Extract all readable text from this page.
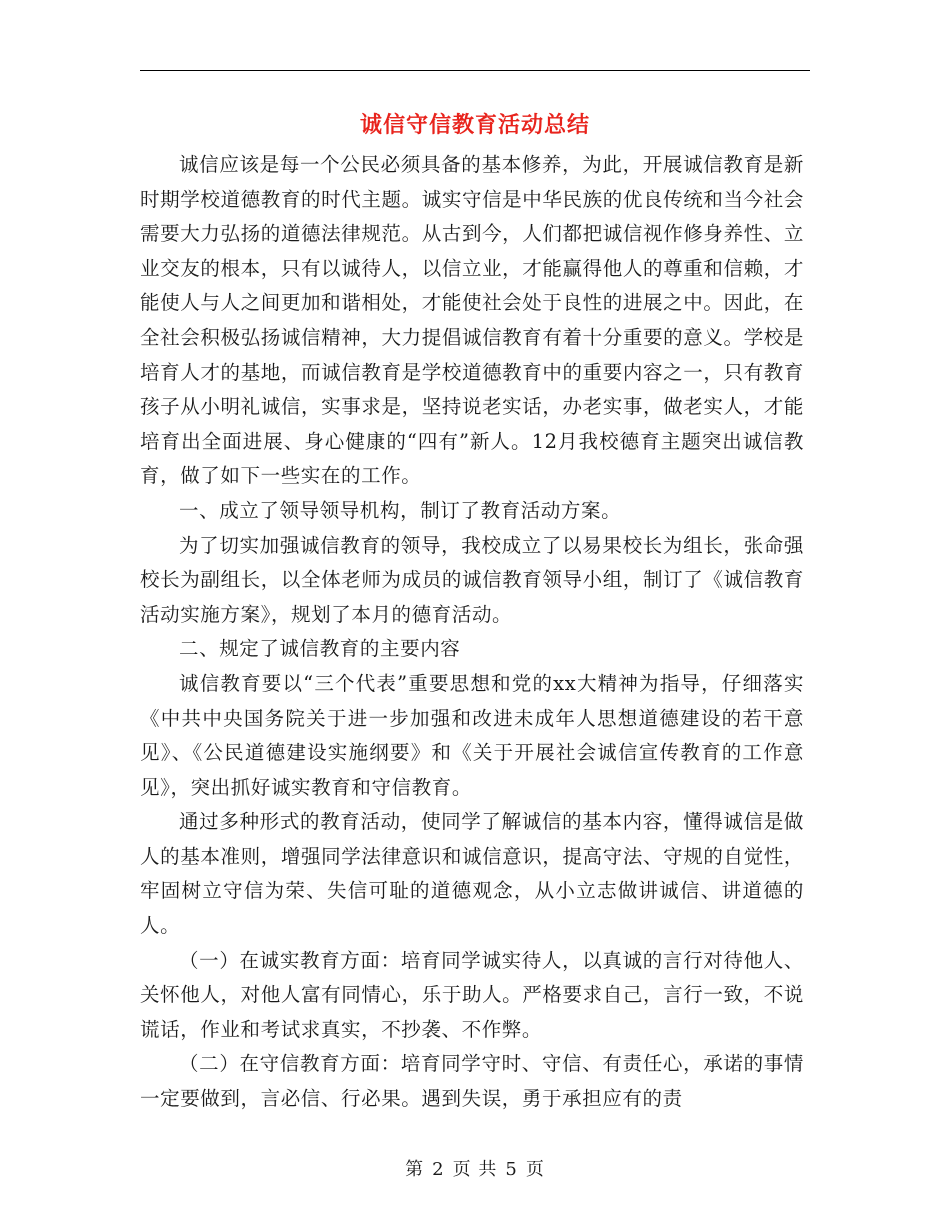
诚信守信教育活动总结

诚信应该是每一个公民必须具备的基本修养，为此，开展诚信教育是新时期学校道德教育的时代主题。诚实守信是中华民族的优良传统和当今社会需要大力弘扬的道德法律规范。从古到今，人们都把诚信视作修身养性、立业交友的根本，只有以诚待人，以信立业，才能赢得他人的尊重和信赖，才能使人与人之间更加和谐相处，才能使社会处于良性的进展之中。因此，在全社会积极弘扬诚信精神，大力提倡诚信教育有着十分重要的意义。学校是培育人才的基地，而诚信教育是学校道德教育中的重要内容之一，只有教育孩子从小明礼诚信，实事求是，坚持说老实话，办老实事，做老实人，才能培育出全面进展、身心健康的“四有”新人。12月我校德育主题突出诚信教育，做了如下一些实在的工作。

一、成立了领导领导机构，制订了教育活动方案。

为了切实加强诚信教育的领导，我校成立了以易果校长为组长，张命强校长为副组长，以全体老师为成员的诚信教育领导小组，制订了《诚信教育活动实施方案》，规划了本月的德育活动。

二、规定了诚信教育的主要内容

诚信教育要以“三个代表”重要思想和党的xx大精神为指导，仔细落实《中共中央国务院关于进一步加强和改进未成年人思想道德建设的若干意见》、《公民道德建设实施纲要》和《关于开展社会诚信宣传教育的工作意见》，突出抓好诚实教育和守信教育。

通过多种形式的教育活动，使同学了解诚信的基本内容，懂得诚信是做人的基本准则，增强同学法律意识和诚信意识，提高守法、守规的自觉性，牢固树立守信为荣、失信可耻的道德观念，从小立志做讲诚信、讲道德的人。

（一）在诚实教育方面：培育同学诚实待人，以真诚的言行对待他人、关怀他人，对他人富有同情心，乐于助人。严格要求自己，言行一致，不说谎话，作业和考试求真实，不抄袭、不作弊。

（二）在守信教育方面：培育同学守时、守信、有责任心，承诺的事情一定要做到，言必信、行必果。遇到失误，勇于承担应有的责

第 2 页 共 5 页
